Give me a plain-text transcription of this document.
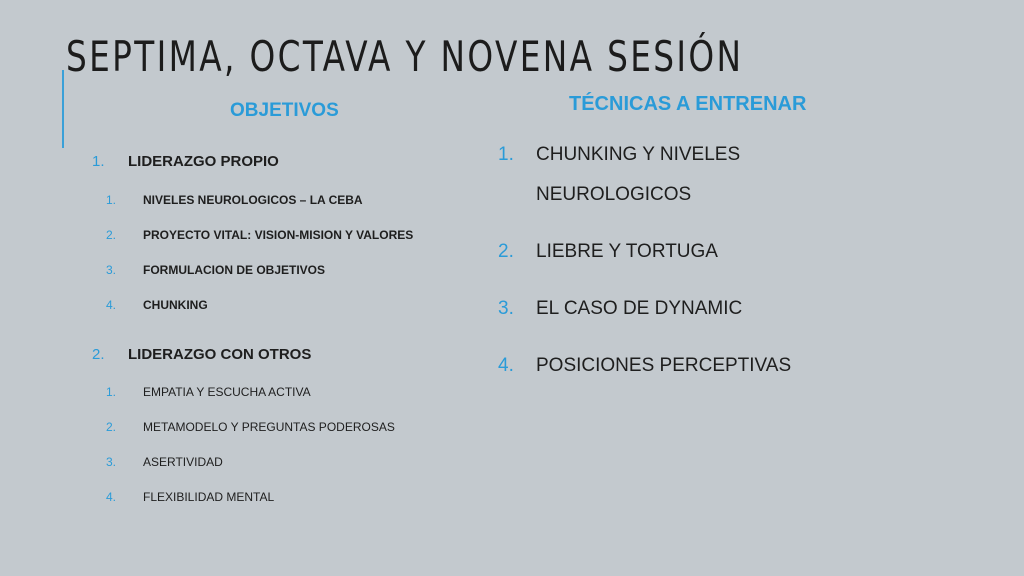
SEPTIMA, OCTAVA Y NOVENA SESIÓN
OBJETIVOS
1. LIDERAZGO PROPIO
1. NIVELES NEUROLOGICOS – LA CEBA
2. PROYECTO VITAL: VISION-MISION Y VALORES
3. FORMULACION DE OBJETIVOS
4. CHUNKING
2. LIDERAZGO CON OTROS
1. EMPATIA Y ESCUCHA ACTIVA
2. METAMODELO Y PREGUNTAS PODEROSAS
3. ASERTIVIDAD
4. FLEXIBILIDAD MENTAL
TÉCNICAS A ENTRENAR
1. CHUNKING Y NIVELES
NEUROLOGICOS
2. LIEBRE Y TORTUGA
3. EL CASO DE DYNAMIC
4. POSICIONES PERCEPTIVAS
